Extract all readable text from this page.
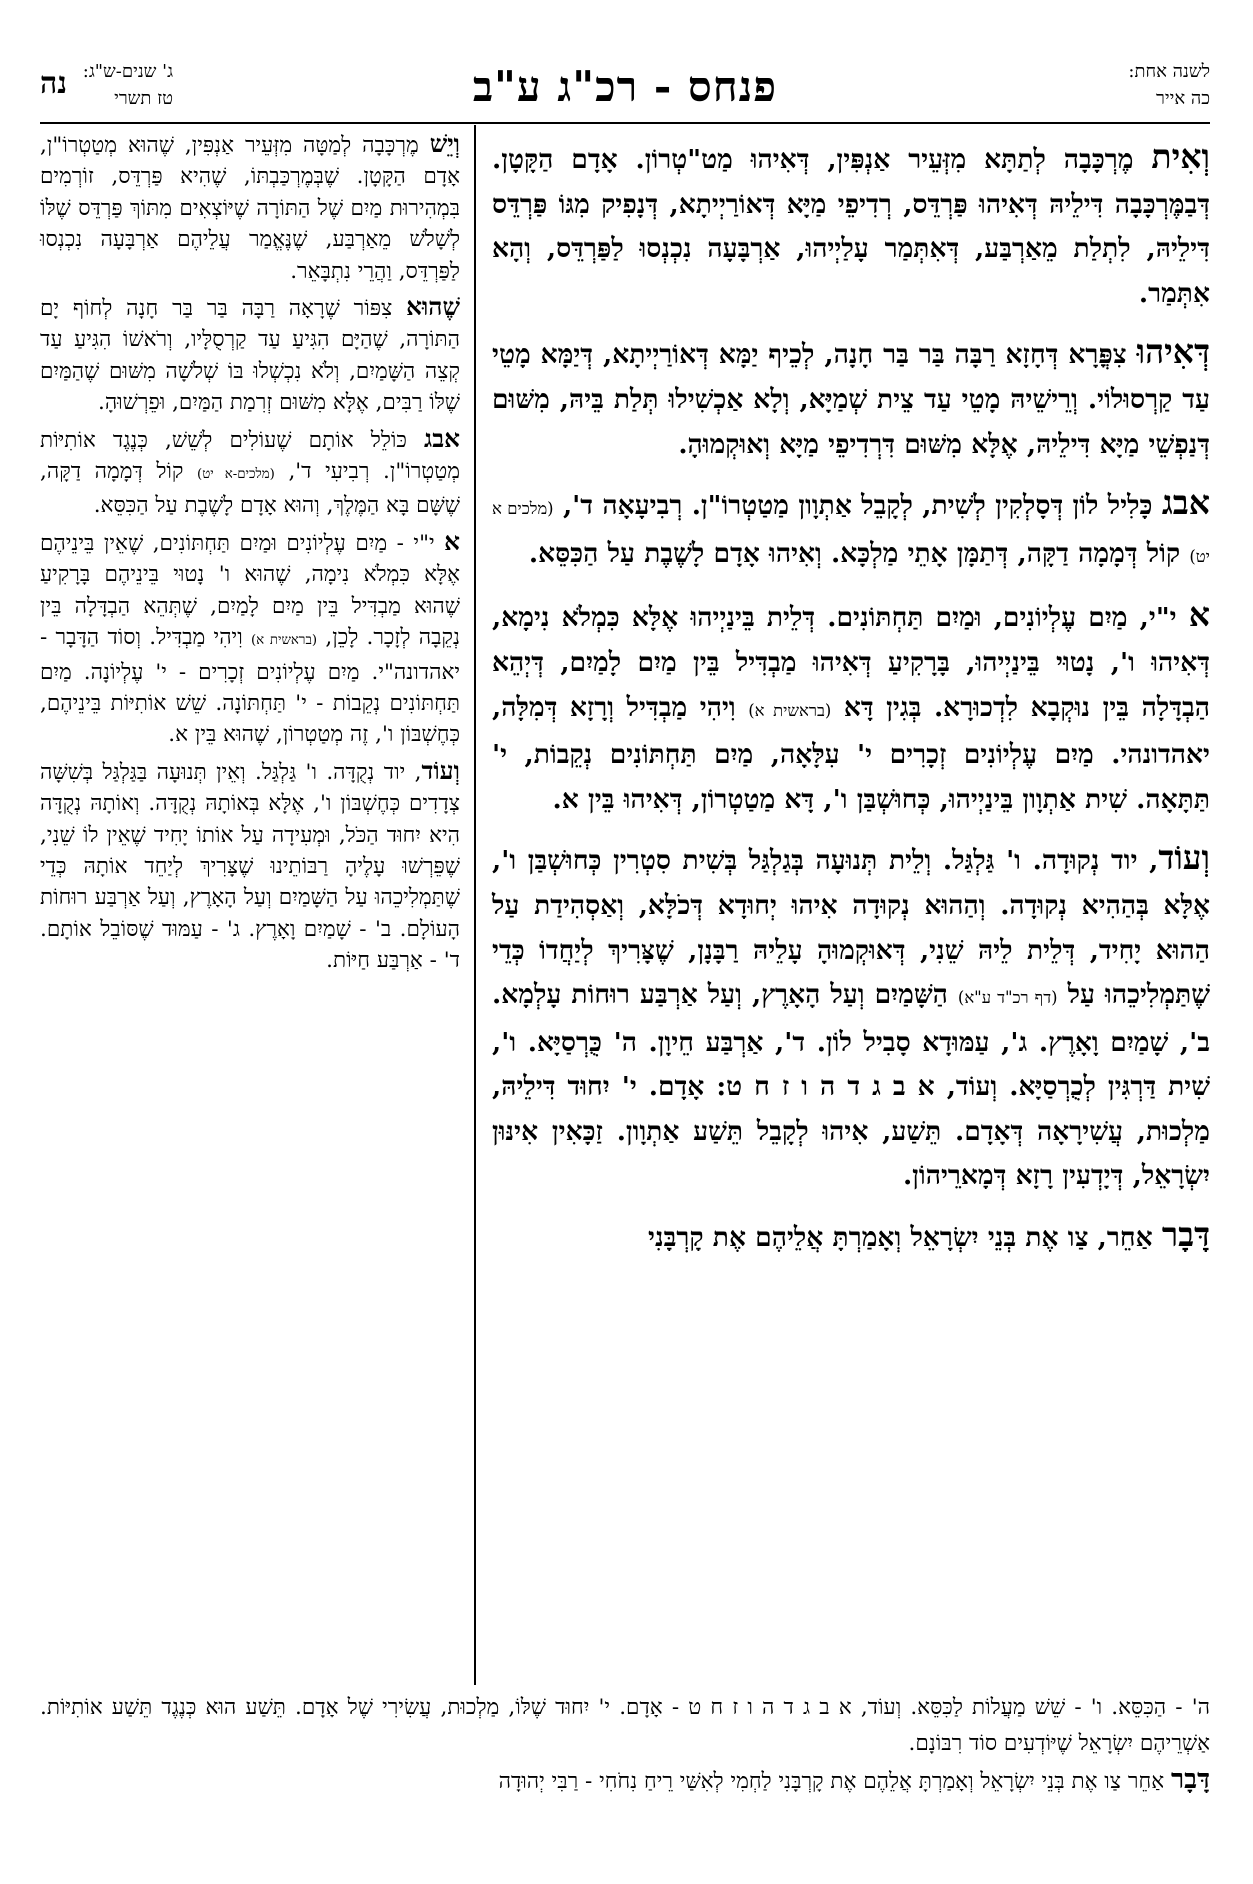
לשנה אחת:
כה אייר
פנחס - רכ"ג ע"ב
ג' שנים-ש"ג:
טז תשרי
נה

וְאִית מֶרְכָּבָה לְתַתָּא מִזְּעֵיר אַנְפִּין, דְּאִיהוּ מַט"טְרוֹן. אָדָם הַקָּטָן. דְּבַמֶּרְכָּבָה דִּילֵיהּ דְּאִיהוּ פַּרְדֵּס, רְדִיפֵי מַיָּא דְּאוֹרַיְיתָא, דְּנָפִיק מִגּוֹ פַּרְדֵּס דִּילֵיהּ, לִתְלַת מֵאַרְבַּע, דְּאִתְּמַר עָלַיְיהוּ, אַרְבָּעָה נִכְנְסוּ לַפַּרְדֵּס, וְהָא אִתְּמַר.

דְּאִיהוּ צִפֳּרָא דְּחָזָא רַבָּה בַּר בַּר חָנָה, לְכֵיף יַמָּא דְּאוֹרַיְיתָא, דְּיַמָּא מָטֵי עַד קַרְסוּלוֹי. וְרֵישֵׁיהּ מָטֵי עַד צֵית שְׁמַיָּא, וְלָא אַכְשִׁילוּ תְּלַת בֵּיהּ, מִשּׁוּם דְּנַפְשֵׁי מַיָּא דִּילֵיהּ, אֶלָּא מִשּׁוּם דִּרְדִיפֵי מַיָּא וְאוּקְמוּהָ.

אבג כָּלִיל לוֹן דְּסָלְקִין לְשִׁית, לְקָבֵל אַתְוָון מַטַטְרוֹ"ן. רְבִיעָאָה ד', (מלכים א יט) קוֹל דְּמָמָה דַקָּה, דְּתַמָּן אָתֵי מַלְכָּא. וְאִיהוּ אָדָם לָשֶׁבֶת עַל הַכִּסֵּא.

א י"י, מַיִם עֶלְיוֹנִים, וּמַיִם תַּחְתּוֹנִים. דְּלֵית בֵּינַיְיהוּ אֶלָּא כִּמְלֹא נִימָא, דְּאִיהוּ ו', נָטוּי בֵּינַיְיהוּ, בָּרָקִיעַ דְּאִיהוּ מַבְדִּיל בֵּין מַיִם לָמַיִם, דְּיְהֵא הַבְדָּלָה בֵּין נוּקְבָא לִדְכוּרָא. בְּגִין דָּא (בראשית א) וִיהִי מַבְדִּיל וְרָזָא דְּמִלָּה, יאהדונהי. מַיִם עֶלְיוֹנִים זְכָרִים י' עִלָּאָה, מַיִם תַּחְתּוֹנִים נְקֵבוֹת, י' תַּתָּאָה. שִׁית אַתְוָון בֵּינַיְיהוּ, כְּחוּשְׁבַּן ו', דָּא מַטַטְרוֹן, דְּאִיהוּ בֵּין א.

וְעוֹד, יוד נְקוּדָה. ו' גַּלְגַּל. וְלֵית תְּנוּעָה בְּגַלְגַּל בְּשִׁית סִטְרִין כְּחוּשְׁבַּן ו', אֶלָּא בְּהַהִיא נְקוּדָה. וְהַהוּא נְקוּדָה אִיהוּ יְחוּדָא דְּכֹלָּא, וְאַסְהִידַת עַל הַהוּא יָחִיד, דְּלֵית לֵיהּ שֵׁנִי, דְּאוּקְמוּהָ עָלֵיהּ רַבָּנָן, שֶׁצָּרִיךְ לְיַחֲדוֹ כְּדֵי שֶׁתַּמְלִיכֵהוּ עַל (דף רכ"ד ע"א) הַשָּׁמַיִם וְעַל הָאָרֶץ, וְעַל אַרְבַּע רוּחוֹת עָלְמָא. ב', שָׁמַיִם וָאָרֶץ. ג', עַמּוּדָא סָבִיל לוֹן. ד', אַרְבַּע חֵיוָן. ה' כֻּרְסַיָּא. ו', שִׁית דַּרְגִּין לְכֻרְסַיָּא. וְעוֹד, א ב ג ד ה ו ז ח ט: אָדָם. י' יִחוּד דִּילֵיהּ, מַלְכוּת, עֲשִׁירָאָה דְּאָדָם. תֵּשַׁע, אִיהוּ לְקָבֵל תֵּשַׁע אַתְוָון. זַכָּאִין אִינּוּן יִשְׂרָאֵל, דְּיָדְעִין רָזָא דְּמָארֵיהוֹן.

דָּבָר אַחֵר, צַו אֶת בְּנֵי יִשְׂרָאֵל וְאָמַרְתָּ אֲלֵיהֶם אֶת קָרְבָּנִי

וְיֵשׁ מֶרְכָּבָה לְמַטָּה מִזְּעֵיר אַנְפִּין, שֶׁהוּא מְטַטְרוֹ"ן, אָדָם הַקָּטָן. שֶׁבְּמֶרְכַּבְתּוֹ, שֶׁהִיא פַּרְדֵּס, זוֹרְמִים בִּמְהִירוּת מַיִם שֶׁל הַתּוֹרָה שֶׁיּוֹצְאִים מִתּוֹךְ פַּרְדֵּס שֶׁלּוֹ לְשָׁלֹשׁ מֵאַרְבַּע, שֶׁנֶּאֱמַר עֲלֵיהֶם אַרְבָּעָה נִכְנְסוּ לַפַּרְדֵּס, וַהֲרֵי נִתְבָּאֵר.

שֶׁהוּא צִפּוֹר שֶׁרָאָה רַבָּה בַּר בַּר חָנָה לְחוֹף יָם הַתּוֹרָה, שֶׁהַיָּם הִגִּיעַ עַד קַרְסֻלָּיו, וְרֹאשׁוֹ הִגִּיעַ עַד קְצֵה הַשָּׁמַיִם, וְלֹא נִכְשְׁלוּ בּוֹ שְׁלֹשָׁה מִשּׁוּם שֶׁהַמַּיִם שֶׁלּוֹ רַבִּים, אֶלָּא מִשּׁוּם זְרִמַת הַמַּיִם, וּפֵרְשׁוּהָ.

אבג כּוֹלֵל אוֹתָם שֶׁעוֹלִים לְשֵׁשׁ, כְּנֶגֶד אוֹתִיּוֹת מְטַטְרוֹ"ן. רְבִיעִי ד', (מלכים-א יט) קוֹל דְּמָמָה דַקָּה, שֶׁשָּׁם בָּא הַמֶּלֶךְ, וְהוּא אָדָם לָשֶׁבֶת עַל הַכִּסֵּא.

א י"י - מַיִם עֶלְיוֹנִים וּמַיִם תַּחְתּוֹנִים, שֶׁאֵין בֵּינֵיהֶם אֶלָּא כִּמְלֹא נִימָה, שֶׁהוּא ו' נָטוּי בֵּינֵיהֶם בָּרָקִיעַ שֶׁהוּא מַבְדִּיל בֵּין מַיִם לָמַיִם, שֶׁתְּהֵא הַבְדָּלָה בֵּין נְקֵבָה לְזָכָר. לָכֵן, (בראשית א) וִיהִי מַבְדִּיל. וְסוֹד הַדָּבָר - יאהדונה"י. מַיִם עֶלְיוֹנִים זְכָרִים - י' עֶלְיוֹנָה. מַיִם תַּחְתּוֹנִים נְקֵבוֹת - י' תַּחְתּוֹנָה. שֵׁשׁ אוֹתִיּוֹת בֵּינֵיהֶם, כְּחֶשְׁבּוֹן ו', זֶה מְטַטְרוֹן, שֶׁהוּא בֵּין א.

וְעוֹד, יוד נְקֻדָּה. ו' גַּלְגַּל. וְאֵין תְּנוּעָה בַּגַּלְגַּל בְּשִׁשָּׁה צְדָדִים כְּחֶשְׁבּוֹן ו', אֶלָּא בְּאוֹתָהּ נְקֻדָּה. וְאוֹתָהּ נְקֻדָּה הִיא יִחוּד הַכֹּל, וּמְעִידָה עַל אוֹתוֹ יָחִיד שֶׁאֵין לוֹ שֵׁנִי, שֶׁפֵּרְשׁוּ עָלֶיהָ רַבּוֹתֵינוּ שֶׁצָּרִיךְ לְיַחֵד אוֹתָהּ כְּדֵי שֶׁתַּמְלִיכֵהוּ עַל הַשָּׁמַיִם וְעַל הָאָרֶץ, וְעַל אַרְבַּע רוּחוֹת הָעוֹלָם. ב' - שָׁמַיִם וָאָרֶץ. ג' - עַמּוּד שֶׁסּוֹבֵל אוֹתָם. ד' - אַרְבַּע חַיּוֹת.

ה' - הַכִּסֵּא. ו' - שֵׁשׁ מַעֲלוֹת לַכִּסֵּא. וְעוֹד, א ב ג ד ה ו ז ח ט - אָדָם. י' יִחוּד שֶׁלּוֹ, מַלְכוּת, עֲשִׂירִי שֶׁל אָדָם. תֵּשַׁע הוּא כְּנֶגֶד תֵּשַׁע אוֹתִיּוֹת. אַשְׁרֵיהֶם יִשְׂרָאֵל שֶׁיּוֹדְעִים סוֹד רִבּוֹנָם.
דָּבָר אַחֵר צַו אֶת בְּנֵי יִשְׂרָאֵל וְאָמַרְתָּ אֲלֵהֶם אֶת קָרְבָּנִי לַחְמִי לְאִשַּׁי רֵיחַ נִחֹחִי - רַבִּי יְהוּדָה
